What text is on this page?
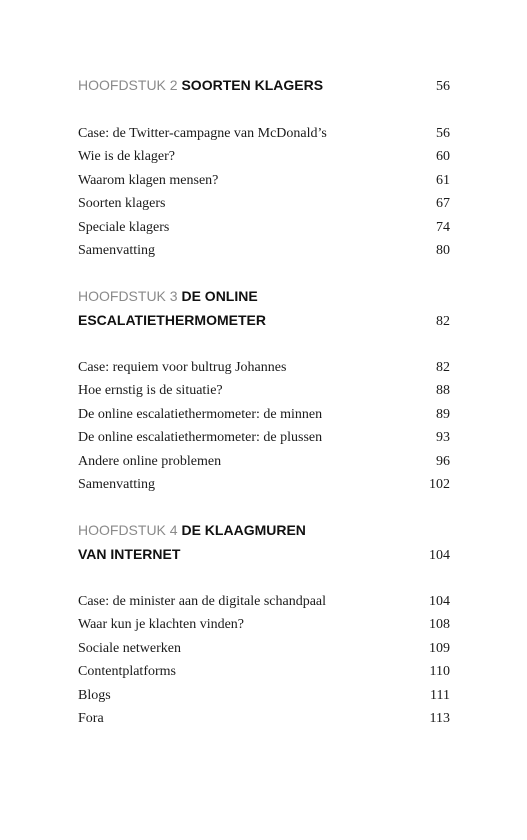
HOOFDSTUK 2 SOORTEN KLAGERS	56
Case: de Twitter-campagne van McDonald’s	56
Wie is de klager?	60
Waarom klagen mensen?	61
Soorten klagers	67
Speciale klagers	74
Samenvatting	80
HOOFDSTUK 3 DE ONLINE
ESCALATIETHERMOMETER	82
Case: requiem voor bultrug Johannes	82
Hoe ernstig is de situatie?	88
De online escalatiethermometer: de minnen	89
De online escalatiethermometer: de plussen	93
Andere online problemen	96
Samenvatting	102
HOOFDSTUK 4 DE KLAAGMUREN
VAN INTERNET	104
Case: de minister aan de digitale schandpaal	104
Waar kun je klachten vinden?	108
Sociale netwerken	109
Contentplatforms	110
Blogs	111
Fora	113
